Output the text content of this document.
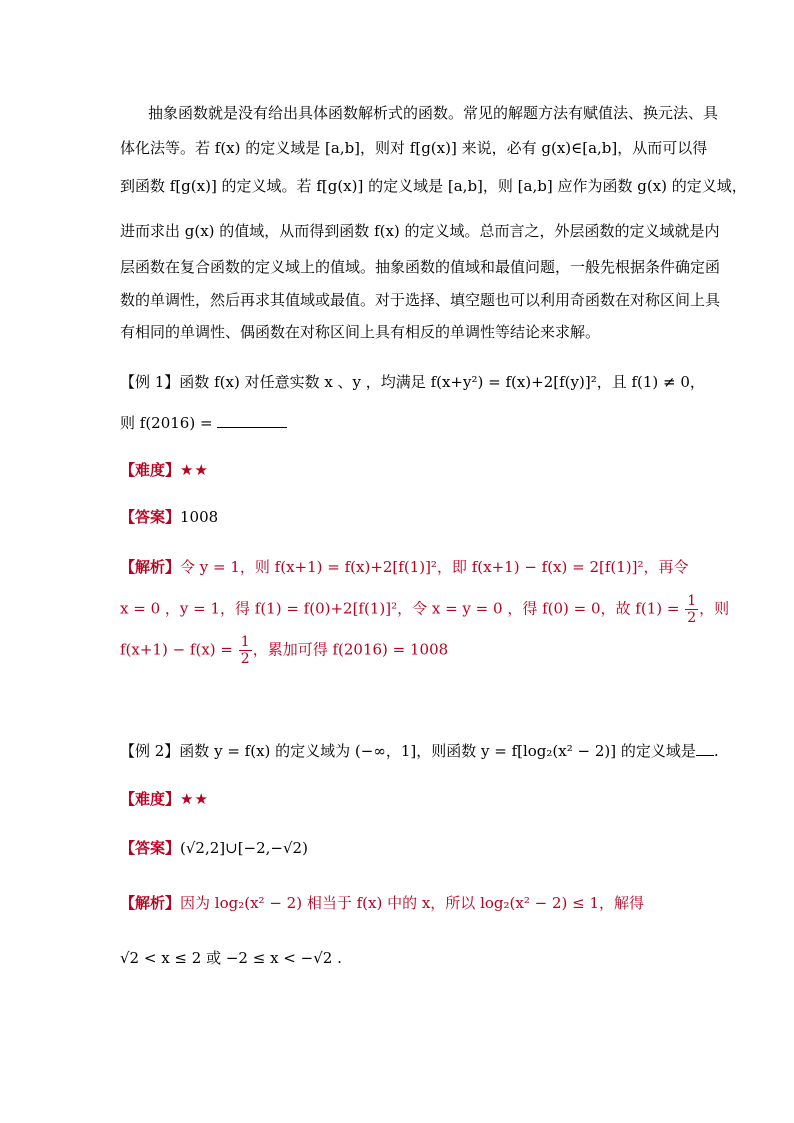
抽象函数就是没有给出具体函数解析式的函数。常见的解题方法有赋值法、换元法、具
体化法等。若 f(x) 的定义域是 [a,b]，则对 f[g(x)] 来说，必有 g(x)∈[a,b]，从而可以得
到函数 f[g(x)] 的定义域。若 f[g(x)] 的定义域是 [a,b]，则 [a,b] 应作为函数 g(x) 的定义域，
进而求出 g(x) 的值域，从而得到函数 f(x) 的定义域。总而言之，外层函数的定义域就是内
层函数在复合函数的定义域上的值域。抽象函数的值域和最值问题，一般先根据条件确定函
数的单调性，然后再求其值域或最值。对于选择、填空题也可以利用奇函数在对称区间上具
有相同的单调性、偶函数在对称区间上具有相反的单调性等结论来求解。
【例 1】函数 f(x) 对任意实数 x 、y ，均满足 f(x+y²) = f(x)+2[f(y)]²，且 f(1) ≠ 0，
则 f(2016) =
【难度】★★
【答案】1008
【解析】令 y = 1，则 f(x+1) = f(x)+2[f(1)]²，即 f(x+1) − f(x) = 2[f(1)]²，再令
x = 0 ，y = 1，得 f(1) = f(0)+2[f(1)]²，令 x = y = 0 ，得 f(0) = 0，故 $f(1) = \frac{1}{2}$ ，则
$f(x+1) - f(x) = \frac{1}{2}$ ，累加可得 f(2016) = 1008
【例 2】函数 y = f(x) 的定义域为 (−∞，1]，则函数 y = f[log₂(x² − 2)] 的定义域是 .
【难度】★★
【答案】(√2,2]∪[−2,−√2)
【解析】因为 log₂(x² − 2) 相当于 f(x) 中的 x，所以 log₂(x² − 2) ≤ 1，解得
√2 < x ≤ 2 或 −2 ≤ x < −√2 .
